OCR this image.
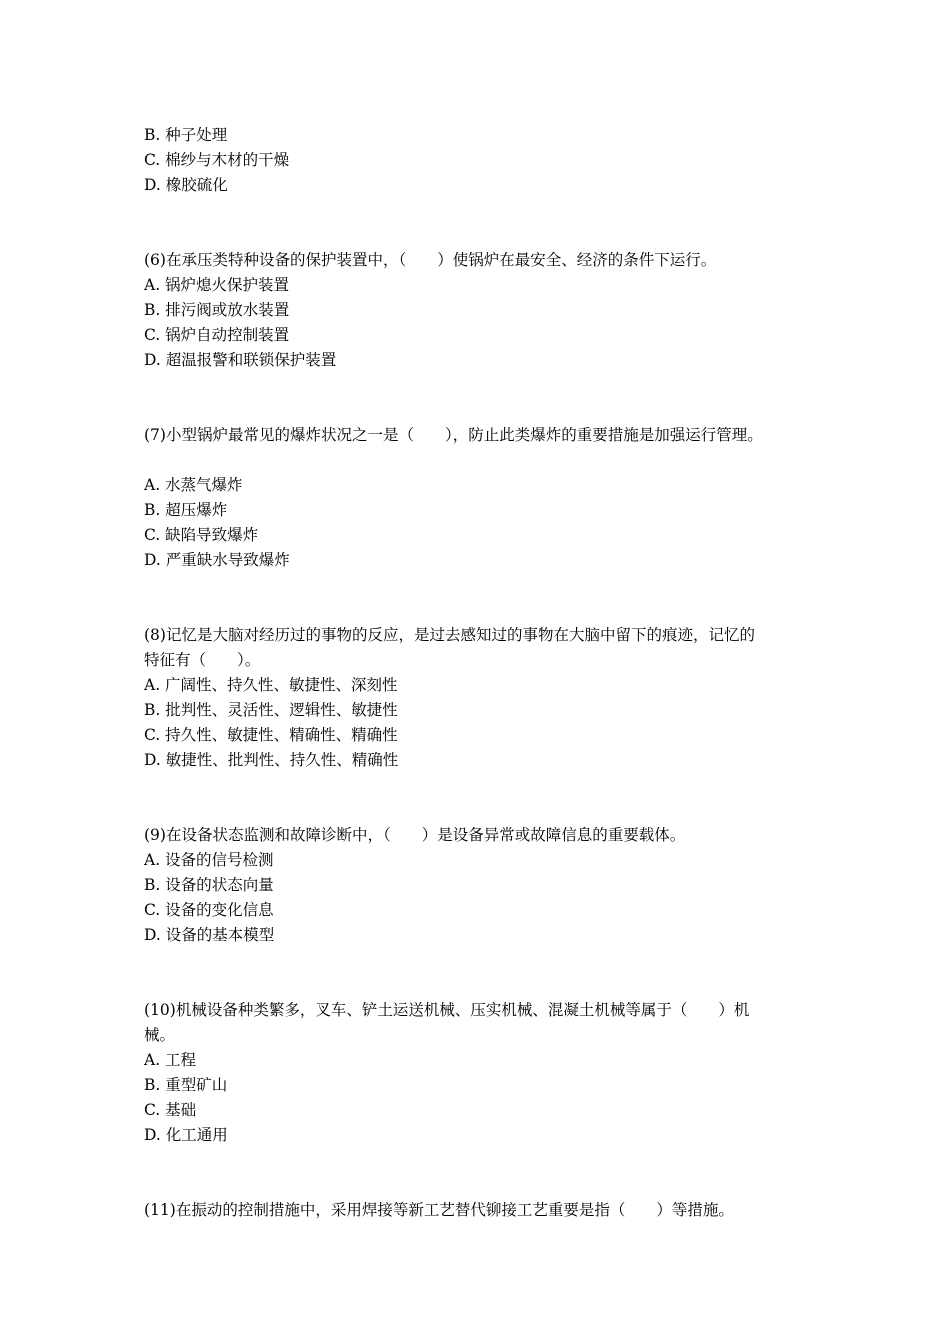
B. 种子处理
C. 棉纱与木材的干燥
D. 橡胶硫化
(6)在承压类特种设备的保护装置中，（　　）使锅炉在最安全、经济的条件下运行。
A. 锅炉熄火保护装置
B. 排污阀或放水装置
C. 锅炉自动控制装置
D. 超温报警和联锁保护装置
(7)小型锅炉最常见的爆炸状况之一是（　　），防止此类爆炸的重要措施是加强运行管理。
A. 水蒸气爆炸
B. 超压爆炸
C. 缺陷导致爆炸
D. 严重缺水导致爆炸
(8)记忆是大脑对经历过的事物的反应，是过去感知过的事物在大脑中留下的痕迹，记忆的
特征有（　　）。
A. 广阔性、持久性、敏捷性、深刻性
B. 批判性、灵活性、逻辑性、敏捷性
C. 持久性、敏捷性、精确性、精确性
D. 敏捷性、批判性、持久性、精确性
(9)在设备状态监测和故障诊断中，（　　）是设备异常或故障信息的重要载体。
A. 设备的信号检测
B. 设备的状态向量
C. 设备的变化信息
D. 设备的基本模型
(10)机械设备种类繁多，叉车、铲土运送机械、压实机械、混凝土机械等属于（　　）机
械。
A. 工程
B. 重型矿山
C. 基础
D. 化工通用
(11)在振动的控制措施中，采用焊接等新工艺替代铆接工艺重要是指（　　）等措施。
